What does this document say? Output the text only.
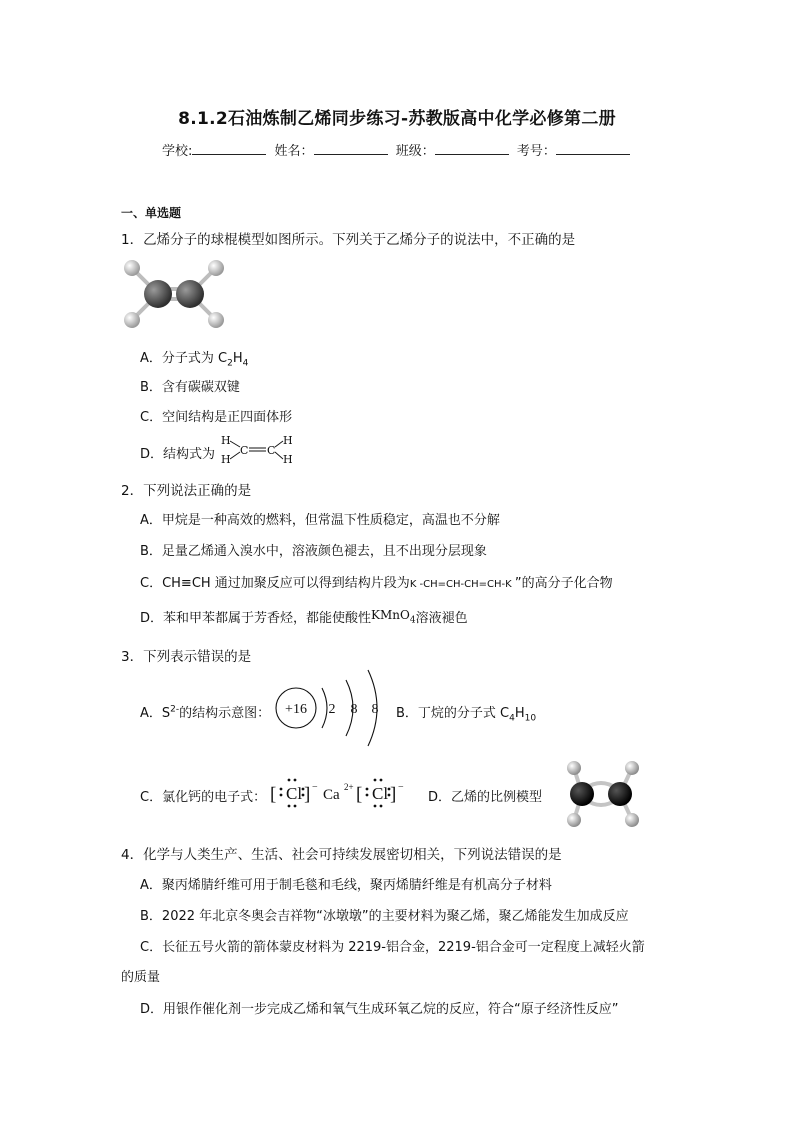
8.1.2石油炼制乙烯同步练习-苏教版高中化学必修第二册
学校:	姓名：	班级：	考号：
一、单选题
1．乙烯分子的球棍模型如图所示。下列关于乙烯分子的说法中，不正确的是
A．分子式为 $C_2H_4$
B．含有碳碳双键
C．空间结构是正四面体形
D．结构式为
H
H
C C
H
H
2．下列说法正确的是
A．甲烷是一种高效的燃料，但常温下性质稳定，高温也不分解
B．足量乙烯通入溴水中，溶液颜色褪去，且不出现分层现象
C．CH≡CH 通过加聚反应可以得到结构片段为K -CH=CH-CH=CH-K ”的高分子化合物
D．苯和甲苯都属于芳香烃，都能使酸性KMnO$_4$溶液褪色
3．下列表示错误的是
A．$S^{2-}$的结构示意图： +16 2 8 8 B．丁烷的分子式 $C_4H_{10}$
C．氯化钙的电子式： [ Cl ] − Ca 2+ [ Cl ] −
D．乙烯的比例模型
4．化学与人类生产、生活、社会可持续发展密切相关，下列说法错误的是
A．聚丙烯腈纤维可用于制毛毯和毛线，聚丙烯腈纤维是有机高分子材料
B．2022 年北京冬奥会吉祥物“冰墩墩”的主要材料为聚乙烯，聚乙烯能发生加成反应
C．长征五号火箭的箭体蒙皮材料为 2219-铝合金，2219-铝合金可一定程度上减轻火箭
的质量
D．用银作催化剂一步完成乙烯和氧气生成环氧乙烷的反应，符合“原子经济性反应”
